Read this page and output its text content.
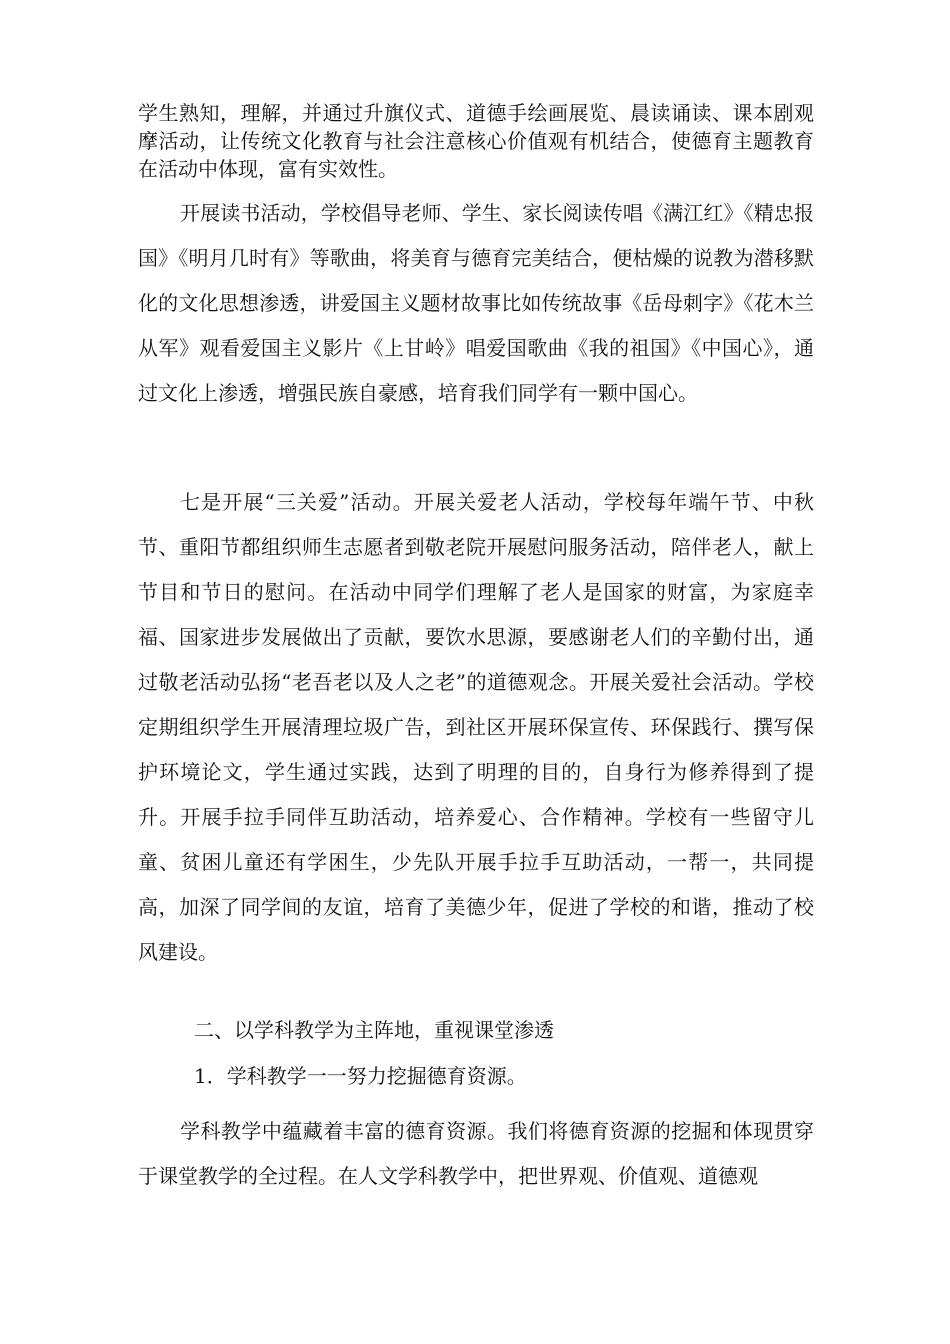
学生熟知，理解，并通过升旗仪式、道德手绘画展览、晨读诵读、课本剧观摩活动，让传统文化教育与社会注意核心价值观有机结合，使德育主题教育在活动中体现，富有实效性。

开展读书活动，学校倡导老师、学生、家长阅读传唱《满江红》《精忠报国》《明月几时有》等歌曲，将美育与德育完美结合，便枯燥的说教为潜移默化的文化思想渗透，讲爱国主义题材故事比如传统故事《岳母刺字》《花木兰从军》观看爱国主义影片《上甘岭》唱爱国歌曲《我的祖国》《中国心》，通过文化上渗透，增强民族自豪感，培育我们同学有一颗中国心。

七是开展“三关爱”活动。开展关爱老人活动，学校每年端午节、中秋节、重阳节都组织师生志愿者到敬老院开展慰问服务活动，陪伴老人，献上节目和节日的慰问。在活动中同学们理解了老人是国家的财富，为家庭幸福、国家进步发展做出了贡献，要饮水思源，要感谢老人们的辛勤付出，通过敬老活动弘扬“老吾老以及人之老”的道德观念。开展关爱社会活动。学校定期组织学生开展清理垃圾广告，到社区开展环保宣传、环保践行、撰写保护环境论文，学生通过实践，达到了明理的目的，自身行为修养得到了提升。开展手拉手同伴互助活动，培养爱心、合作精神。学校有一些留守儿童、贫困儿童还有学困生，少先队开展手拉手互助活动，一帮一，共同提高，加深了同学间的友谊，培育了美德少年，促进了学校的和谐，推动了校风建设。

二、以学科教学为主阵地，重视课堂渗透

1．学科教学一一努力挖掘德育资源。

学科教学中蕴藏着丰富的德育资源。我们将德育资源的挖掘和体现贯穿于课堂教学的全过程。在人文学科教学中，把世界观、价值观、道德观
